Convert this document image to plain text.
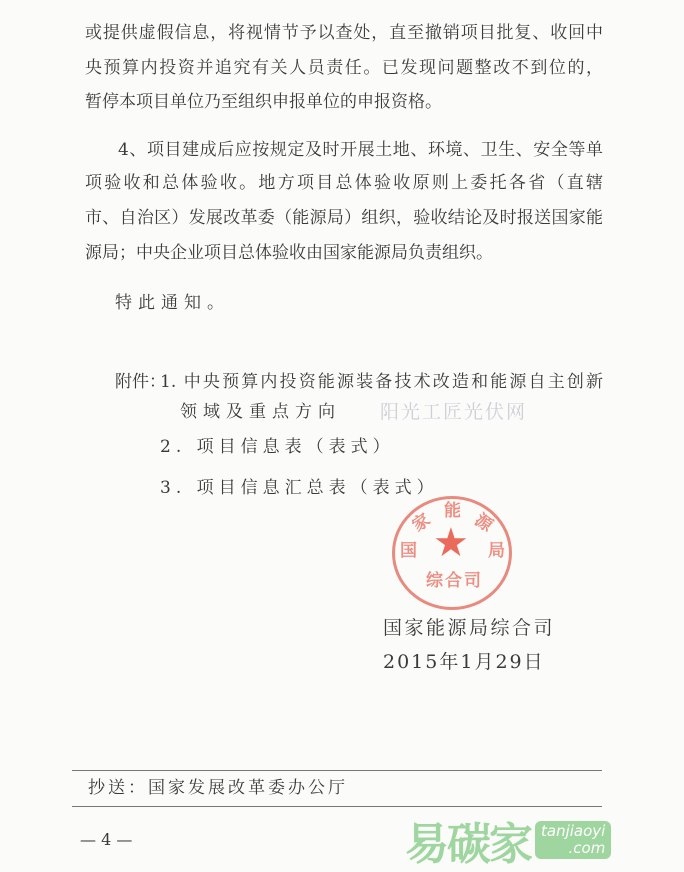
或提供虚假信息，将视情节予以查处，直至撤销项目批复、收回中
央预算内投资并追究有关人员责任。已发现问题整改不到位的，
暂停本项目单位乃至组织申报单位的申报资格。
4、项目建成后应按规定及时开展土地、环境、卫生、安全等单
项验收和总体验收。地方项目总体验收原则上委托各省（直辖
市、自治区）发展改革委（能源局）组织，验收结论及时报送国家能
源局；中央企业项目总体验收由国家能源局负责组织。
特此通知。
附件：
1. 中央预算内投资能源装备技术改造和能源自主创新
领域及重点方向
2. 项目信息表（表式）
3. 项目信息汇总表（表式）
阳光工匠光伏网
家 能 源
国	局
综合司
★
国家能源局综合司
2015年1月29日
抄送：国家发展改革委办公厅
— 4 —	易碳家 tanjiaoyi
.com
